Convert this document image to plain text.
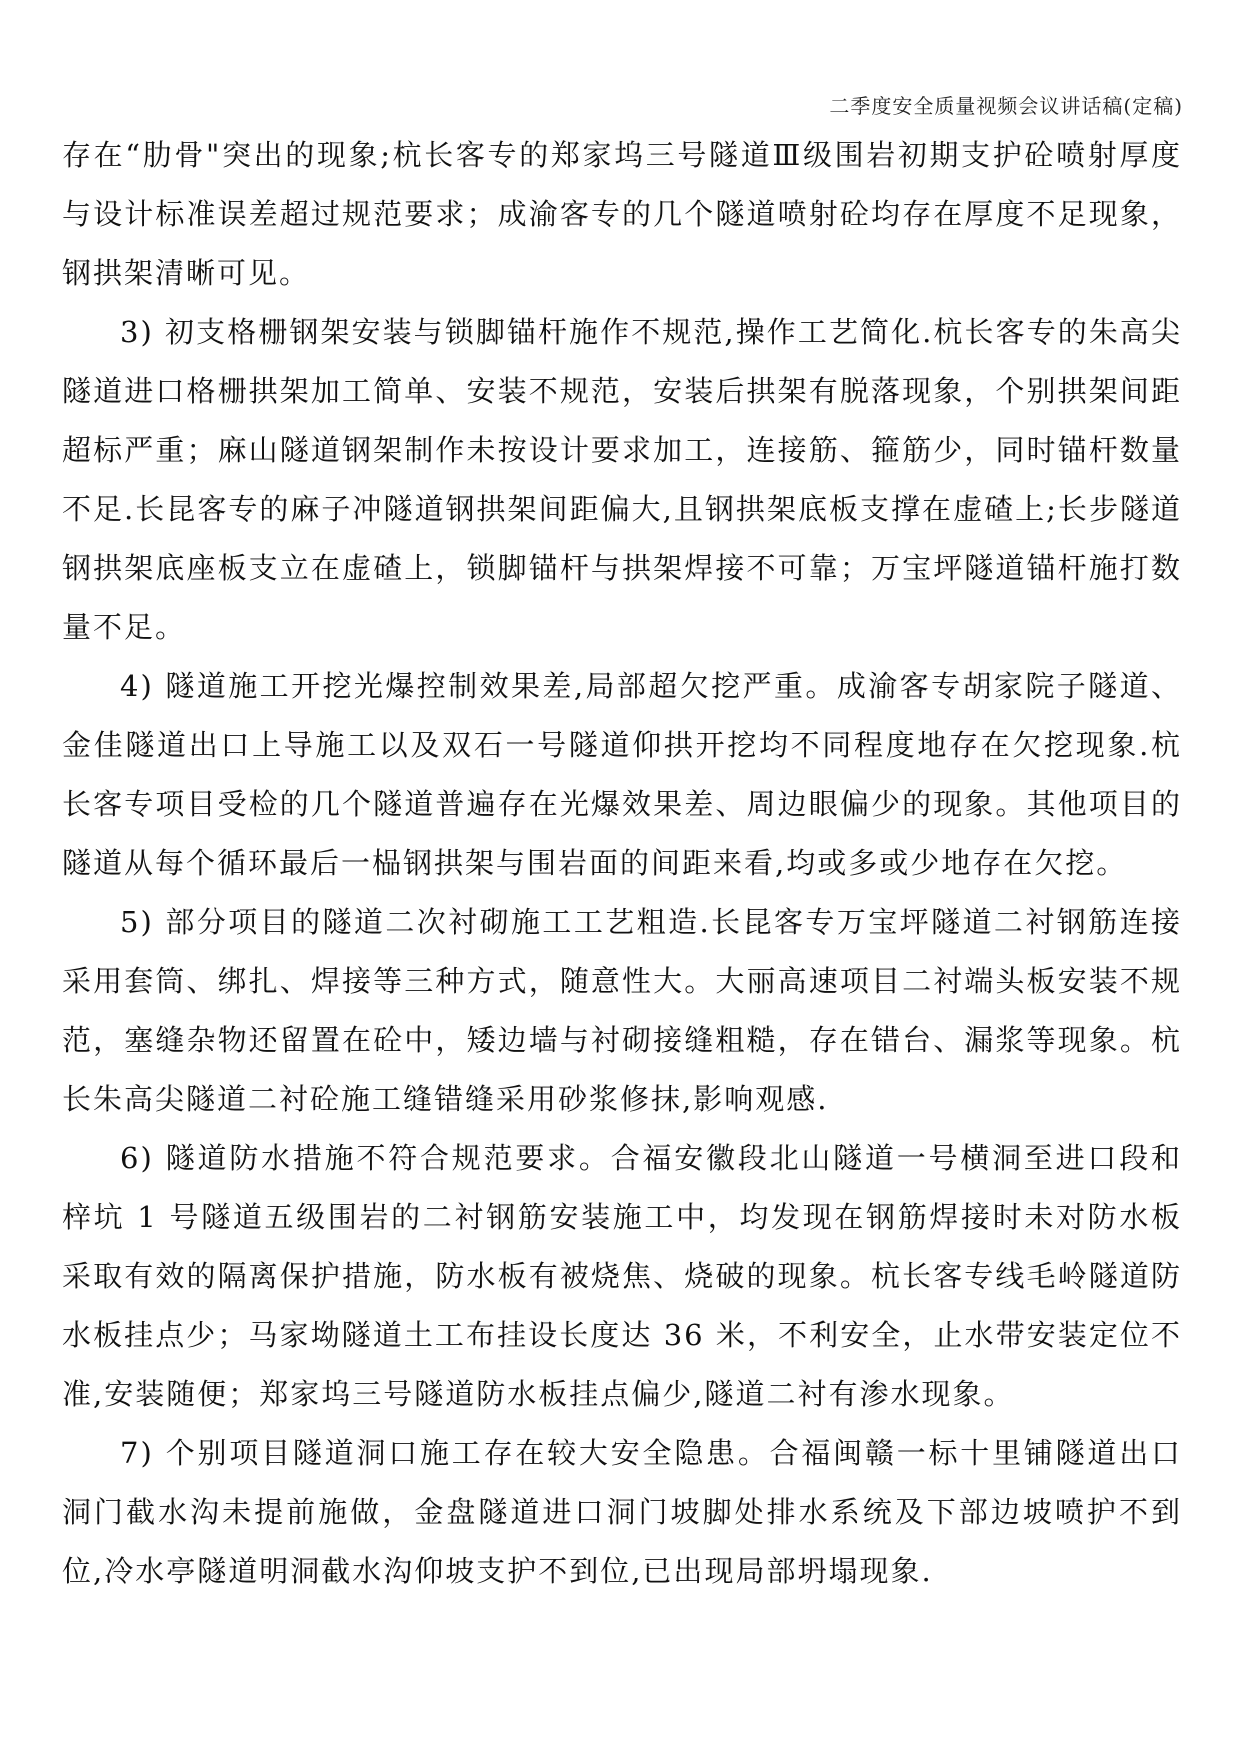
二季度安全质量视频会议讲话稿(定稿)

存在“肋骨"突出的现象;杭长客专的郑家坞三号隧道Ⅲ级围岩初期支护砼喷射厚度与设计标准误差超过规范要求；成渝客专的几个隧道喷射砼均存在厚度不足现象，钢拱架清晰可见。

3) 初支格栅钢架安装与锁脚锚杆施作不规范,操作工艺简化.杭长客专的朱高尖隧道进口格栅拱架加工简单、安装不规范，安装后拱架有脱落现象，个别拱架间距超标严重；麻山隧道钢架制作未按设计要求加工，连接筋、箍筋少，同时锚杆数量不足.长昆客专的麻子冲隧道钢拱架间距偏大,且钢拱架底板支撑在虚碴上;长步隧道钢拱架底座板支立在虚碴上，锁脚锚杆与拱架焊接不可靠；万宝坪隧道锚杆施打数量不足。

4) 隧道施工开挖光爆控制效果差,局部超欠挖严重。成渝客专胡家院子隧道、金佳隧道出口上导施工以及双石一号隧道仰拱开挖均不同程度地存在欠挖现象.杭长客专项目受检的几个隧道普遍存在光爆效果差、周边眼偏少的现象。其他项目的隧道从每个循环最后一榀钢拱架与围岩面的间距来看,均或多或少地存在欠挖。

5) 部分项目的隧道二次衬砌施工工艺粗造.长昆客专万宝坪隧道二衬钢筋连接采用套筒、绑扎、焊接等三种方式，随意性大。大丽高速项目二衬端头板安装不规范，塞缝杂物还留置在砼中，矮边墙与衬砌接缝粗糙，存在错台、漏浆等现象。杭长朱高尖隧道二衬砼施工缝错缝采用砂浆修抹,影响观感.

6) 隧道防水措施不符合规范要求。合福安徽段北山隧道一号横洞至进口段和梓坑 1 号隧道五级围岩的二衬钢筋安装施工中，均发现在钢筋焊接时未对防水板采取有效的隔离保护措施，防水板有被烧焦、烧破的现象。杭长客专线毛岭隧道防水板挂点少；马家坳隧道土工布挂设长度达 36 米，不利安全，止水带安装定位不准,安装随便；郑家坞三号隧道防水板挂点偏少,隧道二衬有渗水现象。

7) 个别项目隧道洞口施工存在较大安全隐患。合福闽赣一标十里铺隧道出口洞门截水沟未提前施做，金盘隧道进口洞门坡脚处排水系统及下部边坡喷护不到位,冷水亭隧道明洞截水沟仰坡支护不到位,已出现局部坍塌现象.
